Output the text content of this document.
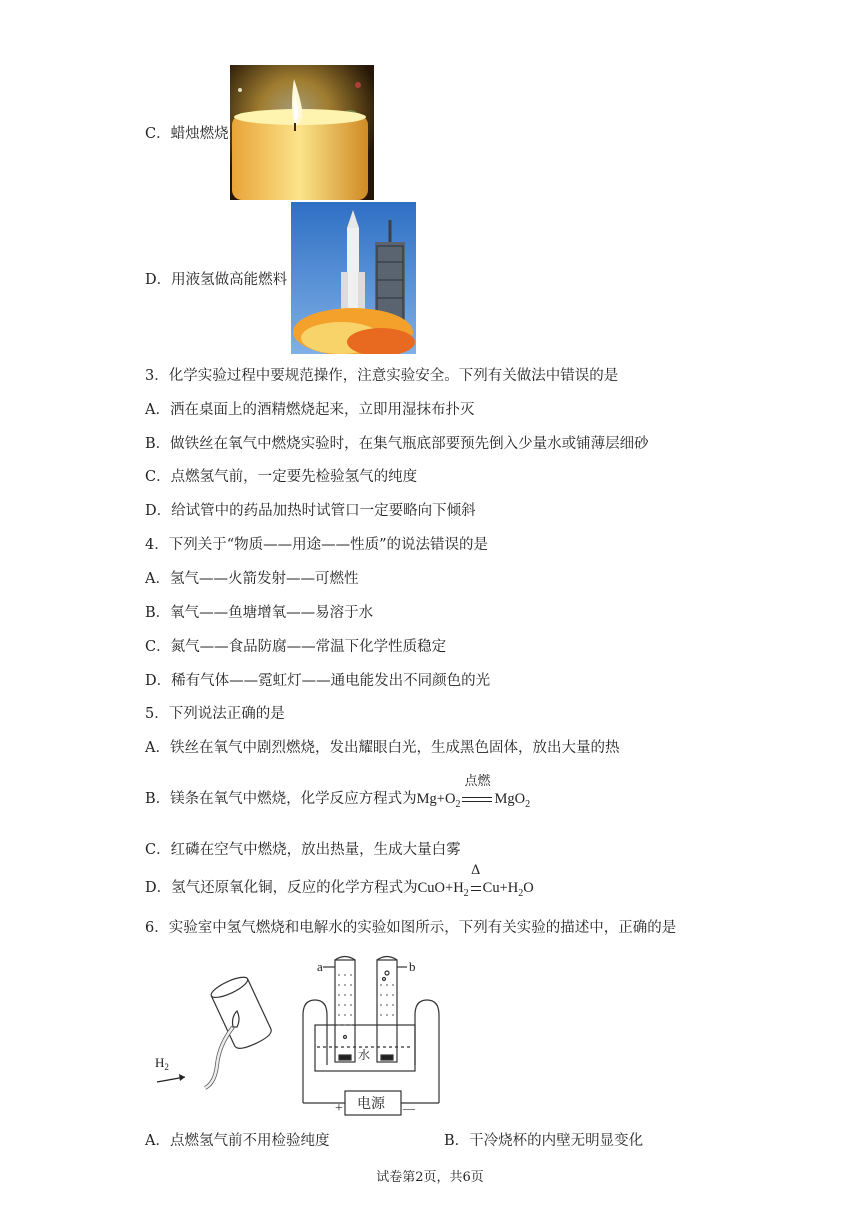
C．蜡烛燃烧
D．用液氢做高能燃料
3．化学实验过程中要规范操作，注意实验安全。下列有关做法中错误的是
A．洒在桌面上的酒精燃烧起来，立即用湿抹布扑灭
B．做铁丝在氧气中燃烧实验时，在集气瓶底部要预先倒入少量水或铺薄层细砂
C．点燃氢气前，一定要先检验氢气的纯度
D．给试管中的药品加热时试管口一定要略向下倾斜
4．下列关于“物质——用途——性质”的说法错误的是
A．氢气——火箭发射——可燃性
B．氧气——鱼塘增氧——易溶于水
C．氮气——食品防腐——常温下化学性质稳定
D．稀有气体——霓虹灯——通电能发出不同颜色的光
5．下列说法正确的是
A．铁丝在氧气中剧烈燃烧，发出耀眼白光，生成黑色固体，放出大量的热
B．镁条在氧气中燃烧，化学反应方程式为$Mg+O_2$
点燃
MgO$_2$
C．红磷在空气中燃烧，放出热量，生成大量白雾
D．氢气还原氧化铜，反应的化学方程式为$CuO+H_2$
Δ
$Cu+H_2O$
6．实验室中氢气燃烧和电解水的实验如图所示，下列有关实验的描述中，正确的是
$H_2$
a	b
水
电源
+	—
A．点燃氢气前不用检验纯度	B．干冷烧杯的内壁无明显变化
试卷第2页，共6页
